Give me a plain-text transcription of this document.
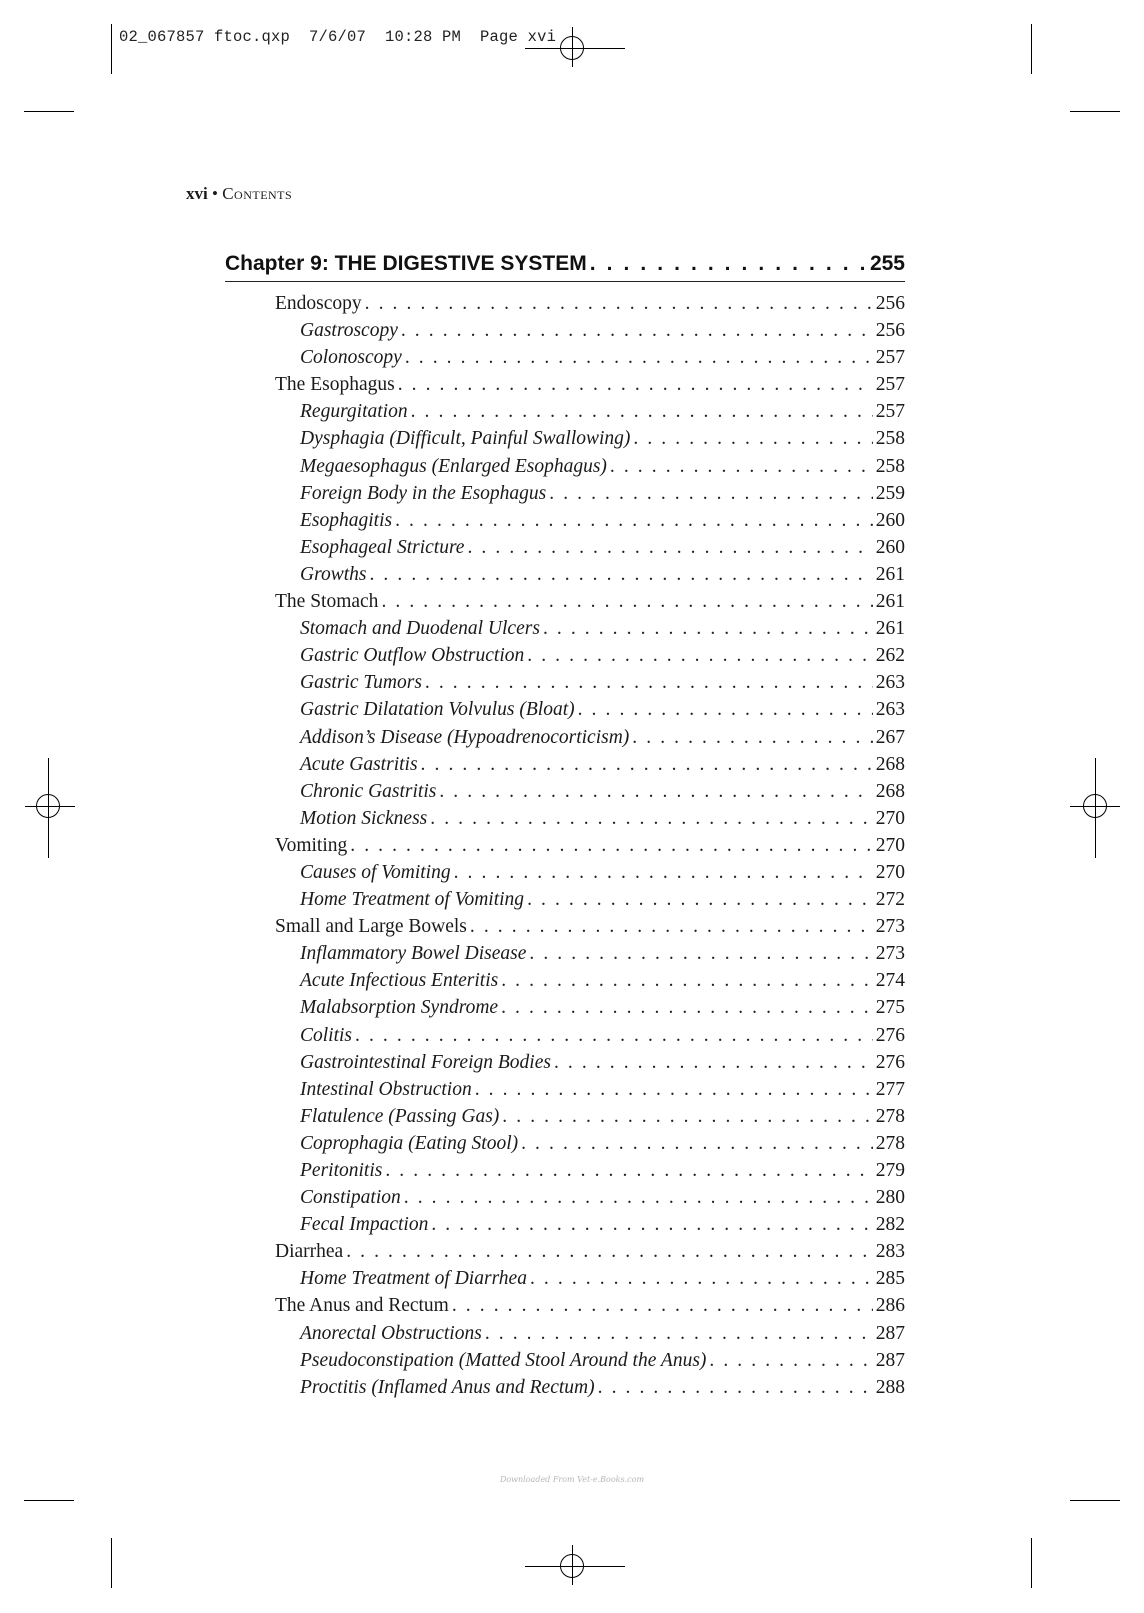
02_067857 ftoc.qxp  7/6/07  10:28 PM  Page xvi
xvi • Contents
Chapter 9: THE DIGESTIVE SYSTEM . . .	255
Endoscopy . . .	256
Gastroscopy . . .	256
Colonoscopy . . .	257
The Esophagus . . .	257
Regurgitation . . .	257
Dysphagia (Difficult, Painful Swallowing) . . .	258
Megaesophagus (Enlarged Esophagus) . . .	258
Foreign Body in the Esophagus . . .	259
Esophagitis . . .	260
Esophageal Stricture . . .	260
Growths . . .	261
The Stomach . . .	261
Stomach and Duodenal Ulcers . . .	261
Gastric Outflow Obstruction . . .	262
Gastric Tumors . . .	263
Gastric Dilatation Volvulus (Bloat) . . .	263
Addison’s Disease (Hypoadrenocorticism) . . .	267
Acute Gastritis . . .	268
Chronic Gastritis . . .	268
Motion Sickness . . .	270
Vomiting . . .	270
Causes of Vomiting . . .	270
Home Treatment of Vomiting . . .	272
Small and Large Bowels . . .	273
Inflammatory Bowel Disease . . .	273
Acute Infectious Enteritis . . .	274
Malabsorption Syndrome . . .	275
Colitis . . .	276
Gastrointestinal Foreign Bodies . . .	276
Intestinal Obstruction . . .	277
Flatulence (Passing Gas) . . .	278
Coprophagia (Eating Stool) . . .	278
Peritonitis . . .	279
Constipation . . .	280
Fecal Impaction . . .	282
Diarrhea . . .	283
Home Treatment of Diarrhea . . .	285
The Anus and Rectum . . .	286
Anorectal Obstructions . . .	287
Pseudoconstipation (Matted Stool Around the Anus) . . .	287
Proctitis (Inflamed Anus and Rectum) . . .	288
Downloaded From Vet-e.Books.com
